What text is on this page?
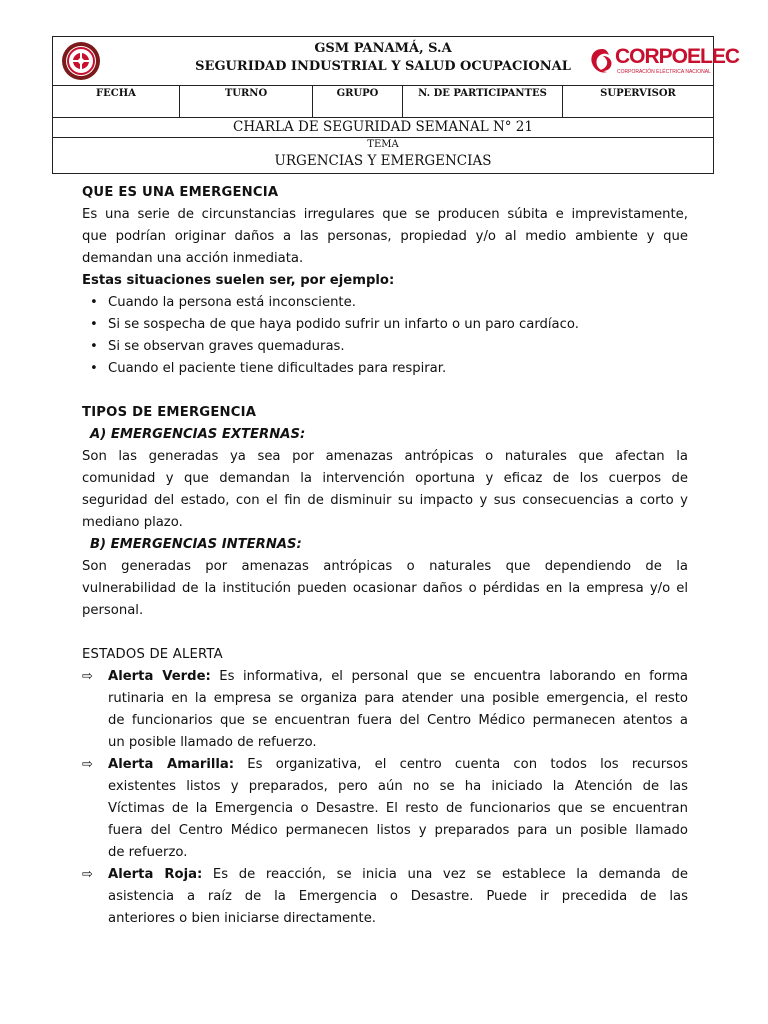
GSM PANAMÁ, S.A
SEGURIDAD INDUSTRIAL Y SALUD OCUPACIONAL	CORPOELEC
CORPORACIÓN ELÉCTRICA NACIONAL
FECHA	TURNO	GRUPO	N. DE PARTICIPANTES	SUPERVISOR
CHARLA DE SEGURIDAD SEMANAL N° 21
TEMA
URGENCIAS Y EMERGENCIAS
QUE ES UNA EMERGENCIA
Es una serie de circunstancias irregulares que se producen súbita e imprevistamente,
que podrían originar daños a las personas, propiedad y/o al medio ambiente y que
demandan una acción inmediata.
Estas situaciones suelen ser, por ejemplo:
• Cuando la persona está inconsciente.
• Si se sospecha de que haya podido sufrir un infarto o un paro cardíaco.
• Si se observan graves quemaduras.
• Cuando el paciente tiene dificultades para respirar.
TIPOS DE EMERGENCIA
A) EMERGENCIAS EXTERNAS:
Son las generadas ya sea por amenazas antrópicas o naturales que afectan la
comunidad y que demandan la intervención oportuna y eficaz de los cuerpos de
seguridad del estado, con el fin de disminuir su impacto y sus consecuencias a corto y
mediano plazo.
B) EMERGENCIAS INTERNAS:
Son generadas por amenazas antrópicas o naturales que dependiendo de la
vulnerabilidad de la institución pueden ocasionar daños o pérdidas en la empresa y/o el
personal.
ESTADOS DE ALERTA
⇨ Alerta Verde: Es informativa, el personal que se encuentra laborando en forma
rutinaria en la empresa se organiza para atender una posible emergencia, el resto
de funcionarios que se encuentran fuera del Centro Médico permanecen atentos a
un posible llamado de refuerzo.
⇨ Alerta Amarilla: Es organizativa, el centro cuenta con todos los recursos
existentes listos y preparados, pero aún no se ha iniciado la Atención de las
Víctimas de la Emergencia o Desastre. El resto de funcionarios que se encuentran
fuera del Centro Médico permanecen listos y preparados para un posible llamado
de refuerzo.
⇨ Alerta Roja: Es de reacción, se inicia una vez se establece la demanda de
asistencia a raíz de la Emergencia o Desastre. Puede ir precedida de las
anteriores o bien iniciarse directamente.
